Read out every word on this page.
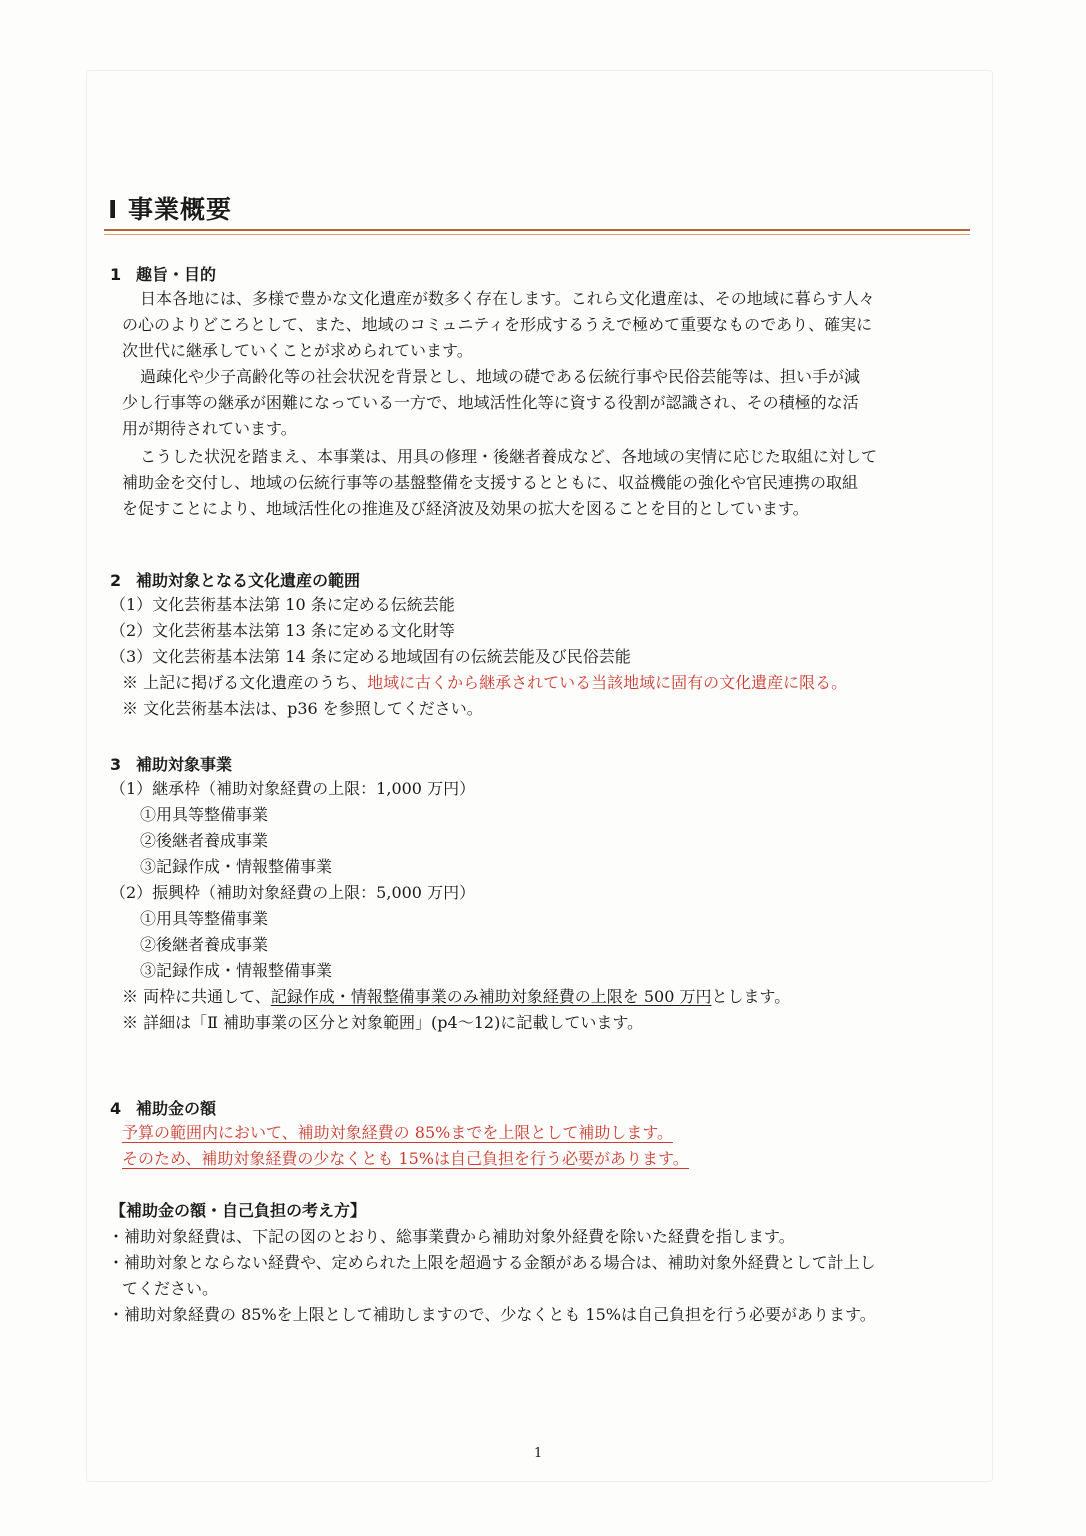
Ⅰ 事業概要
1 趣旨・目的
日本各地には、多様で豊かな文化遺産が数多く存在します。これら文化遺産は、その地域に暮らす人々
の心のよりどころとして、また、地域のコミュニティを形成するうえで極めて重要なものであり、確実に
次世代に継承していくことが求められています。
過疎化や少子高齢化等の社会状況を背景とし、地域の礎である伝統行事や民俗芸能等は、担い手が減
少し行事等の継承が困難になっている一方で、地域活性化等に資する役割が認識され、その積極的な活
用が期待されています。
こうした状況を踏まえ、本事業は、用具の修理・後継者養成など、各地域の実情に応じた取組に対して
補助金を交付し、地域の伝統行事等の基盤整備を支援するとともに、収益機能の強化や官民連携の取組
を促すことにより、地域活性化の推進及び経済波及効果の拡大を図ることを目的としています。
2 補助対象となる文化遺産の範囲
（1）文化芸術基本法第 10 条に定める伝統芸能
（2）文化芸術基本法第 13 条に定める文化財等
（3）文化芸術基本法第 14 条に定める地域固有の伝統芸能及び民俗芸能
※ 上記に掲げる文化遺産のうち、地域に古くから継承されている当該地域に固有の文化遺産に限る。
※ 文化芸術基本法は、p36 を参照してください。
3 補助対象事業
（1）継承枠（補助対象経費の上限：1,000 万円）
①用具等整備事業
②後継者養成事業
③記録作成・情報整備事業
（2）振興枠（補助対象経費の上限：5,000 万円）
①用具等整備事業
②後継者養成事業
③記録作成・情報整備事業
※ 両枠に共通して、記録作成・情報整備事業のみ補助対象経費の上限を 500 万円とします。
※ 詳細は「Ⅱ 補助事業の区分と対象範囲」(p4～12)に記載しています。
4 補助金の額
予算の範囲内において、補助対象経費の 85%までを上限として補助します。
そのため、補助対象経費の少なくとも 15%は自己負担を行う必要があります。
【補助金の額・自己負担の考え方】
・補助対象経費は、下記の図のとおり、総事業費から補助対象外経費を除いた経費を指します。
・補助対象とならない経費や、定められた上限を超過する金額がある場合は、補助対象外経費として計上し
てください。
・補助対象経費の 85%を上限として補助しますので、少なくとも 15%は自己負担を行う必要があります。
1
